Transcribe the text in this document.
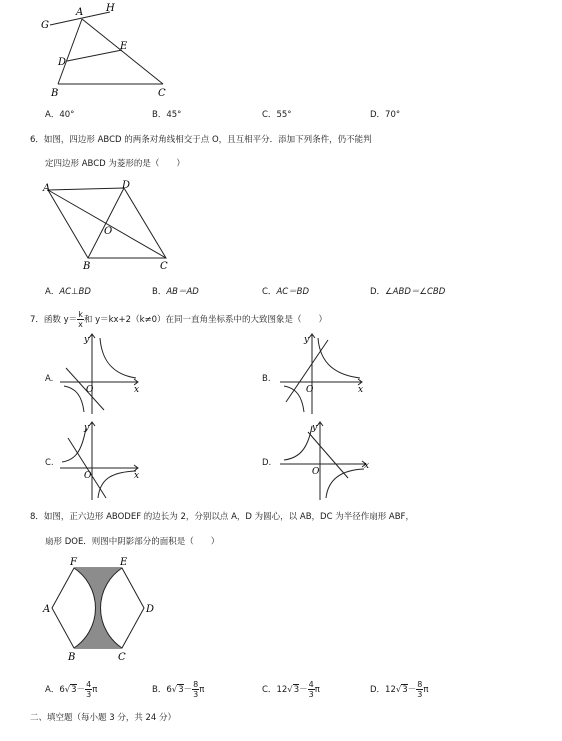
A H
G
E
D
B	C
A．40°	B．45°	C．55°	D．70°
6．如图，四边形 ABCD 的两条对角线相交于点 O，且互相平分．添加下列条件，仍不能判
定四边形 ABCD 为菱形的是（　　）
A	D
O
B	C
A．AC⊥BD	B．AB＝AD	C．AC＝BD	D．∠ABD＝∠CBD
7．函数 $y= \frac{k}{x}$ 和 y＝kx+2（k≠0）在同一直角坐标系中的大致图象是（　　）
A.	B.
C.	D.
y
x
O
y
x
O
y
x
O
y
x
O
8．如图，正六边形 ABODEF 的边长为 2，分别以点 A，D 为圆心，以 AB，DC 为半径作扇形 ABF，
扇形 DOE．则图中阴影部分的面积是（　　）
F	E
A	D
B	C
A．$6√3- \frac{4}{3}$ π	B．$6√3- \frac{8}{3}$ π	C．$12√3- \frac{4}{3}$ π	D．$12√3- \frac{8}{3}$ π
二、填空题（每小题 3 分，共 24 分）
